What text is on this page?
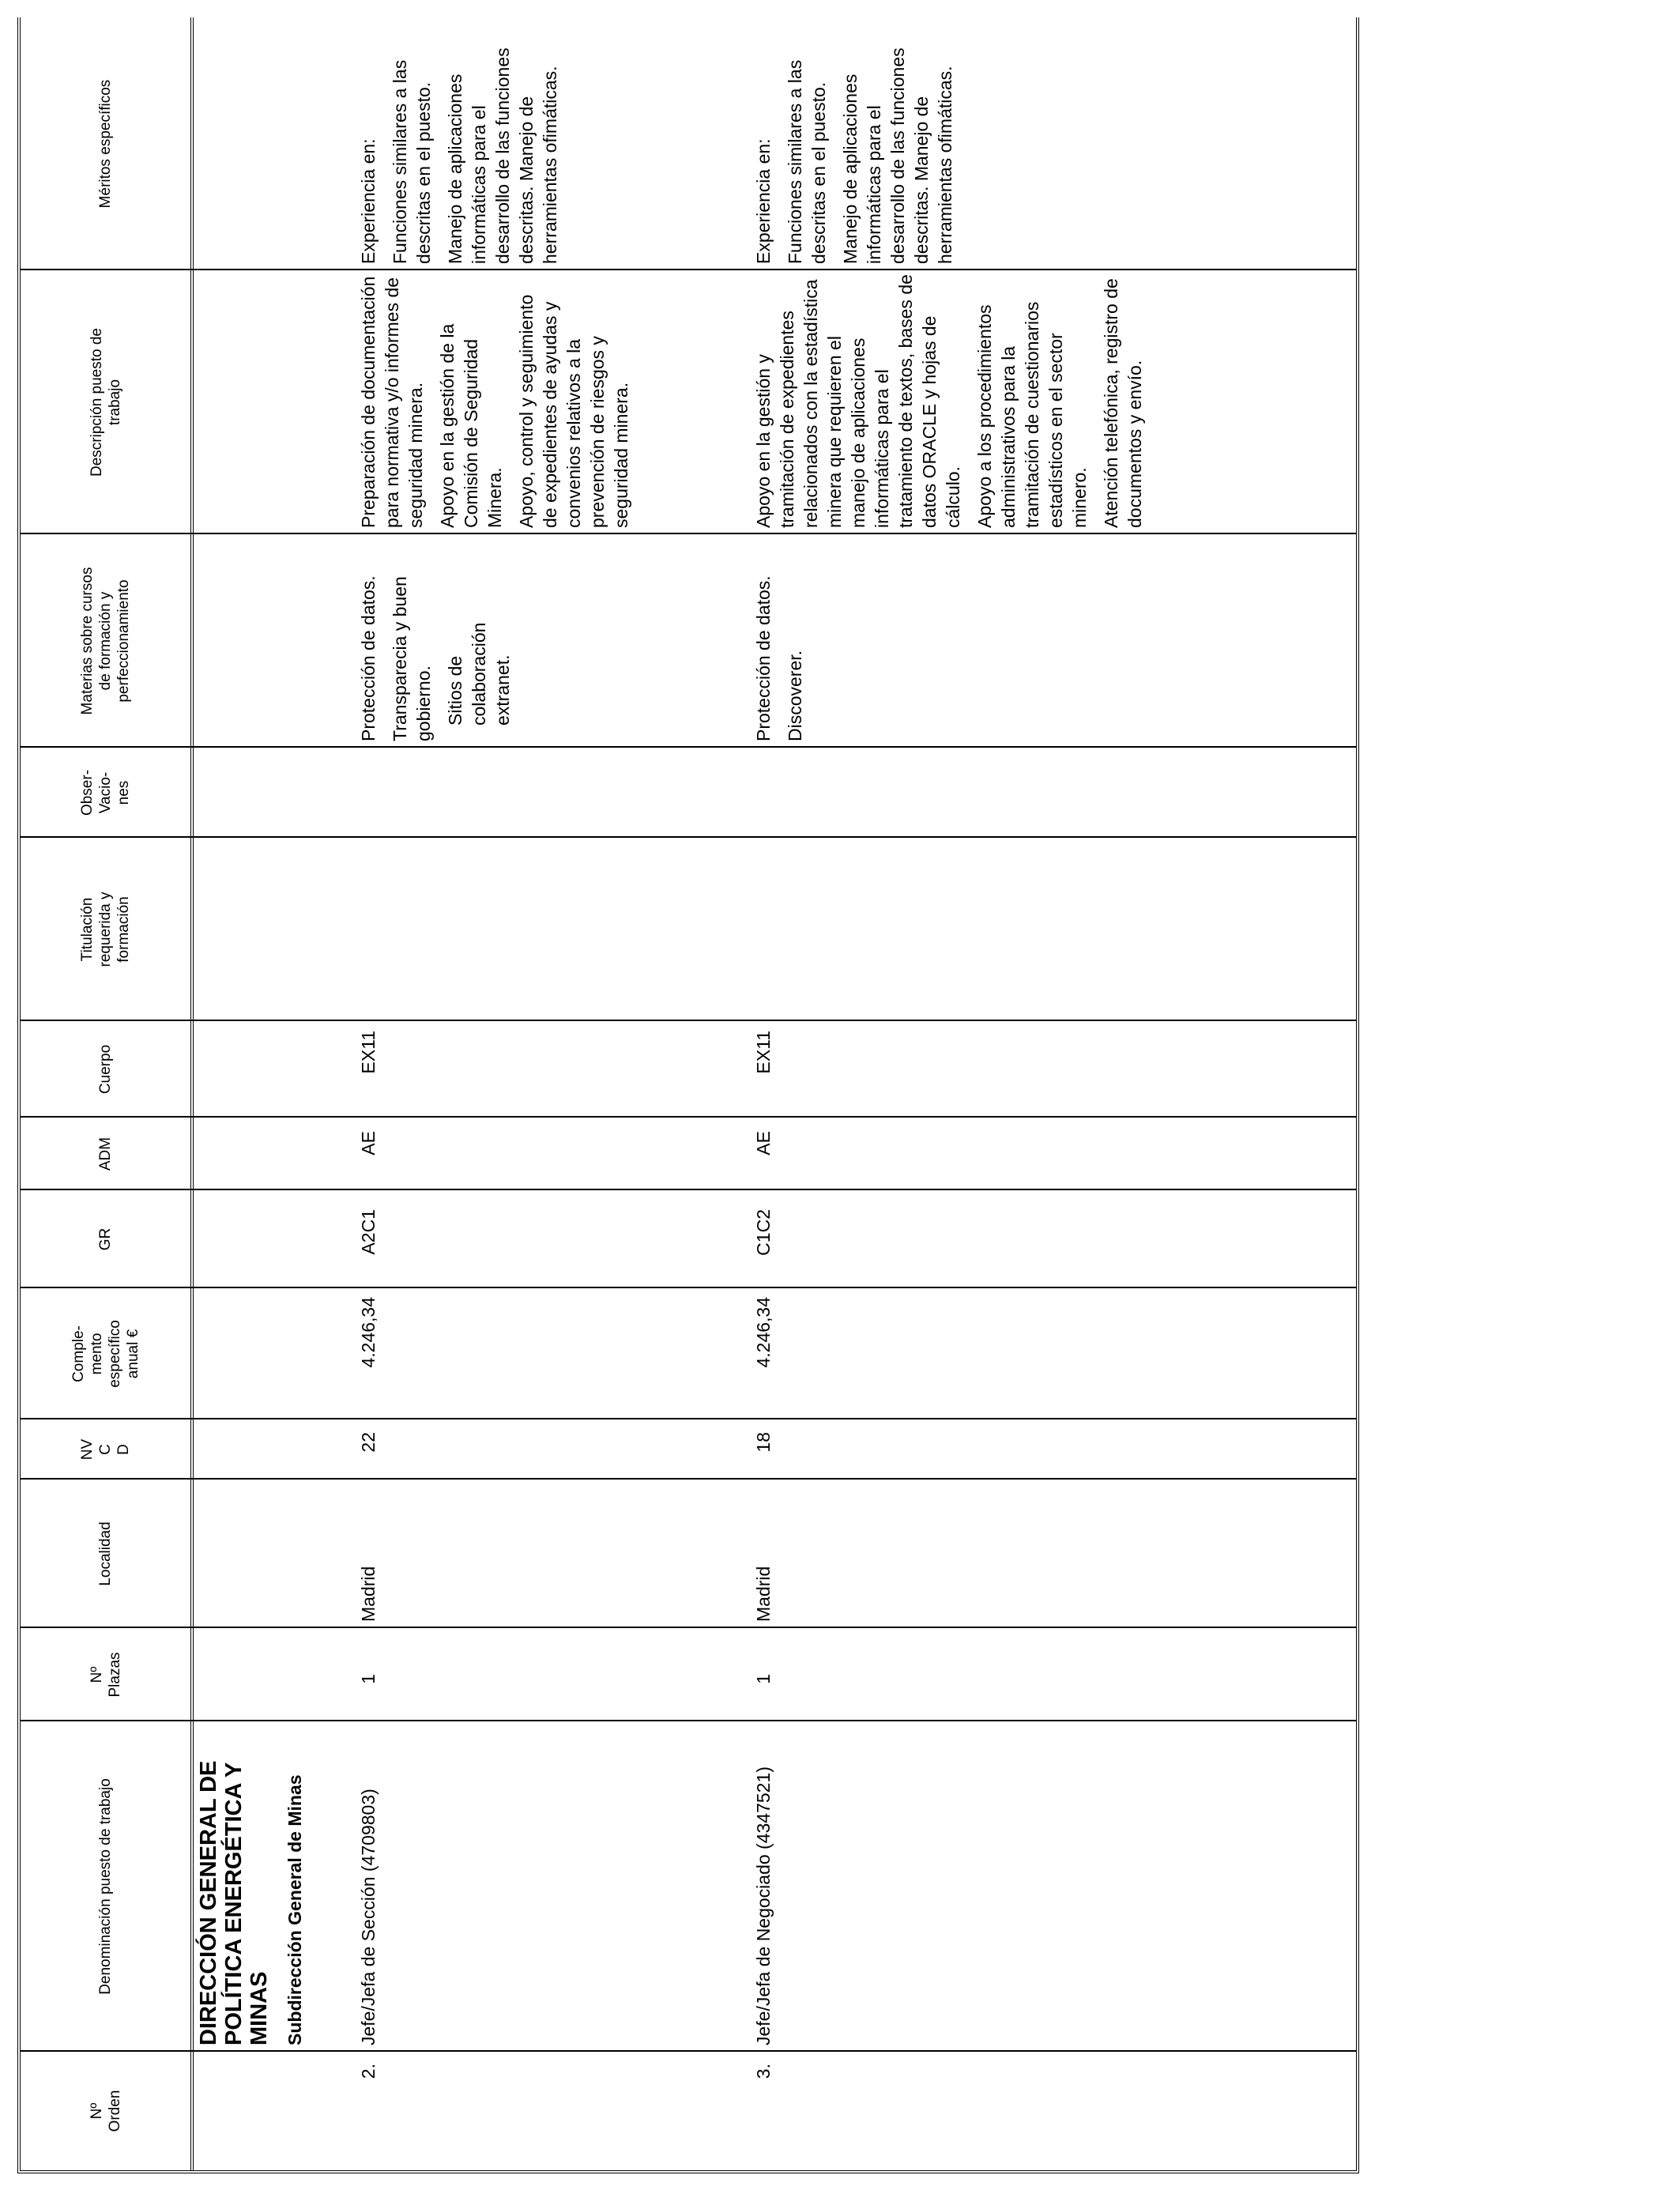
Nº
Orden
Denominación puesto de trabajo
Nº
Plazas
Localidad
NV
C
D
Comple-
mento
específico
anual €
GR
ADM
Cuerpo
Titulación
requerida y
formación
Obser-
Vacio-
nes
Materias sobre cursos
de formación y
perfeccionamiento
Descripción puesto de
trabajo
Méritos específicos
DIRECCIÓN GENERAL DE POLÍTICA ENERGÉTICA Y MINAS Subdirección General de Minas
2.
Jefe/Jefa de Sección (4709803)
1
Madrid
22
4.246,34
A2C1
AE
EX11

Protección de datos. Transparecia y buen gobierno. Sitios de colaboración extranet.

Preparación de documentación para normativa y/o informes de seguridad minera. Apoyo en la gestión de la Comisión de Seguridad Minera. Apoyo, control y seguimiento de expedientes de ayudas y convenios relativos a la prevención de riesgos y seguridad minera.

Experiencia en: Funciones similares a las descritas en el puesto. Manejo de aplicaciones informáticas para el desarrollo de las funciones descritas. Manejo de herramientas ofimáticas.

3.
Jefe/Jefa de Negociado (4347521)
1
Madrid
18
4.246,34
C1C2
AE
EX11

Protección de datos. Discoverer.

Apoyo en la gestión y tramitación de expedientes relacionados con la estadística minera que requieren el manejo de aplicaciones informáticas para el tratamiento de textos, bases de datos ORACLE y hojas de cálculo. Apoyo a los procedimientos administrativos para la tramitación de cuestionarios estadísticos en el sector minero. Atención telefónica, registro de documentos y envío.

Experiencia en: Funciones similares a las descritas en el puesto. Manejo de aplicaciones informáticas para el desarrollo de las funciones descritas. Manejo de herramientas ofimáticas.
